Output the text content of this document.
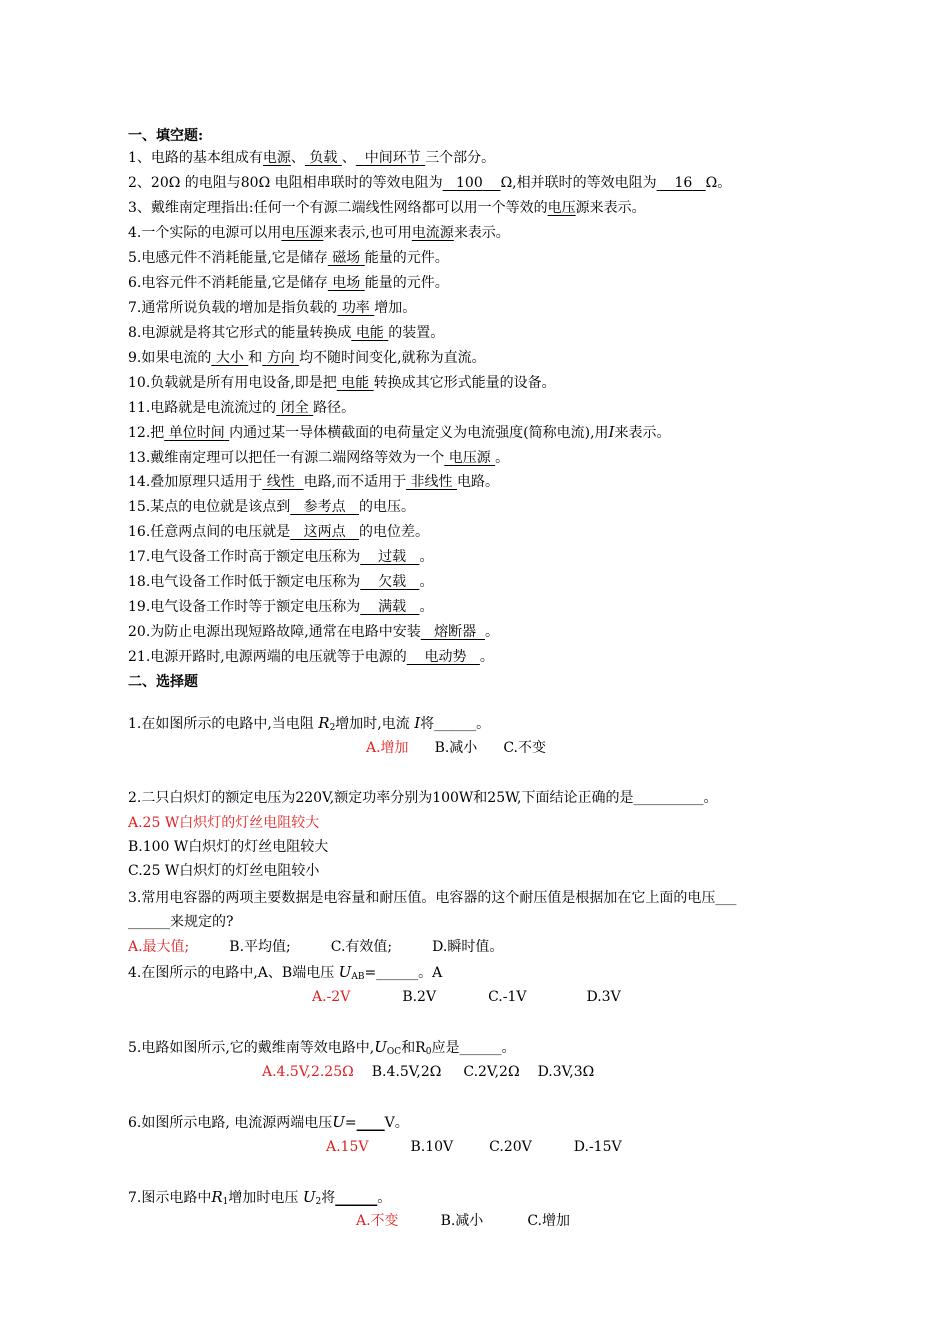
一、填空题:
1、电路的基本组成有电源、 负载 、 中间环节 三个部分。
2、20Ω 的电阻与80Ω 电阻相串联时的等效电阻为 100 Ω,相并联时的等效电阻为 16 Ω。
3、戴维南定理指出:任何一个有源二端线性网络都可以用一个等效的电压源来表示。
4.一个实际的电源可以用电压源来表示,也可用电流源来表示。
5.电感元件不消耗能量,它是储存 磁场 能量的元件。
6.电容元件不消耗能量,它是储存 电场 能量的元件。
7.通常所说负载的增加是指负载的 功率 增加。
8.电源就是将其它形式的能量转换成 电能 的装置。
9.如果电流的 大小 和 方向 均不随时间变化,就称为直流。
10.负载就是所有用电设备,即是把 电能 转换成其它形式能量的设备。
11.电路就是电流流过的 闭全 路径。
12.把 单位时间 内通过某一导体横截面的电荷量定义为电流强度(简称电流),用I来表示。
13.戴维南定理可以把任一有源二端网络等效为一个 电压源 。
14.叠加原理只适用于 线性 电路,而不适用于 非线性 电路。
15.某点的电位就是该点到 参考点 的电压。
16.任意两点间的电压就是 这两点 的电位差。
17.电气设备工作时高于额定电压称为 过载 。
18.电气设备工作时低于额定电压称为 欠载 。
19.电气设备工作时等于额定电压称为 满载 。
20.为防止电源出现短路故障,通常在电路中安装 熔断器 。
21.电源开路时,电源两端的电压就等于电源的 电动势 。
二、选择题
1.在如图所示的电路中,当电阻 $R_2$增加时,电流 I将______。
A.增加 B.减小 C.不变
2.二只白炽灯的额定电压为220V,额定功率分别为100W和25W,下面结论正确的是__________。
A.25 W白炽灯的灯丝电阻较大
B.100 W白炽灯的灯丝电阻较大
C.25 W白炽灯的灯丝电阻较小
3.常用电容器的两项主要数据是电容量和耐压值。电容器的这个耐压值是根据加在它上面的电压___
______来规定的?
A.最大值;	B.平均值;	C.有效值;	D.瞬时值。
4.在图所示的电路中,A、B端电压 $U_{AB}=\_\_\_\_\_\_$。A
A.-2V	B.2V	C.-1V	D.3V
5.电路如图所示,它的戴维南等效电路中$,U_{OC}$和$R_0$应是______。
A.4.5V,2.25Ω B.4.5V,2Ω C.2V,2Ω D.3V,3Ω
6.如图所示电路, 电流源两端电压U=____V。
A.15V	B.10V	C.20V	D.-15V
7.图示电路中$R_1$增加时电压 $U_2$将______。
A.不变	B.减小	C.增加
